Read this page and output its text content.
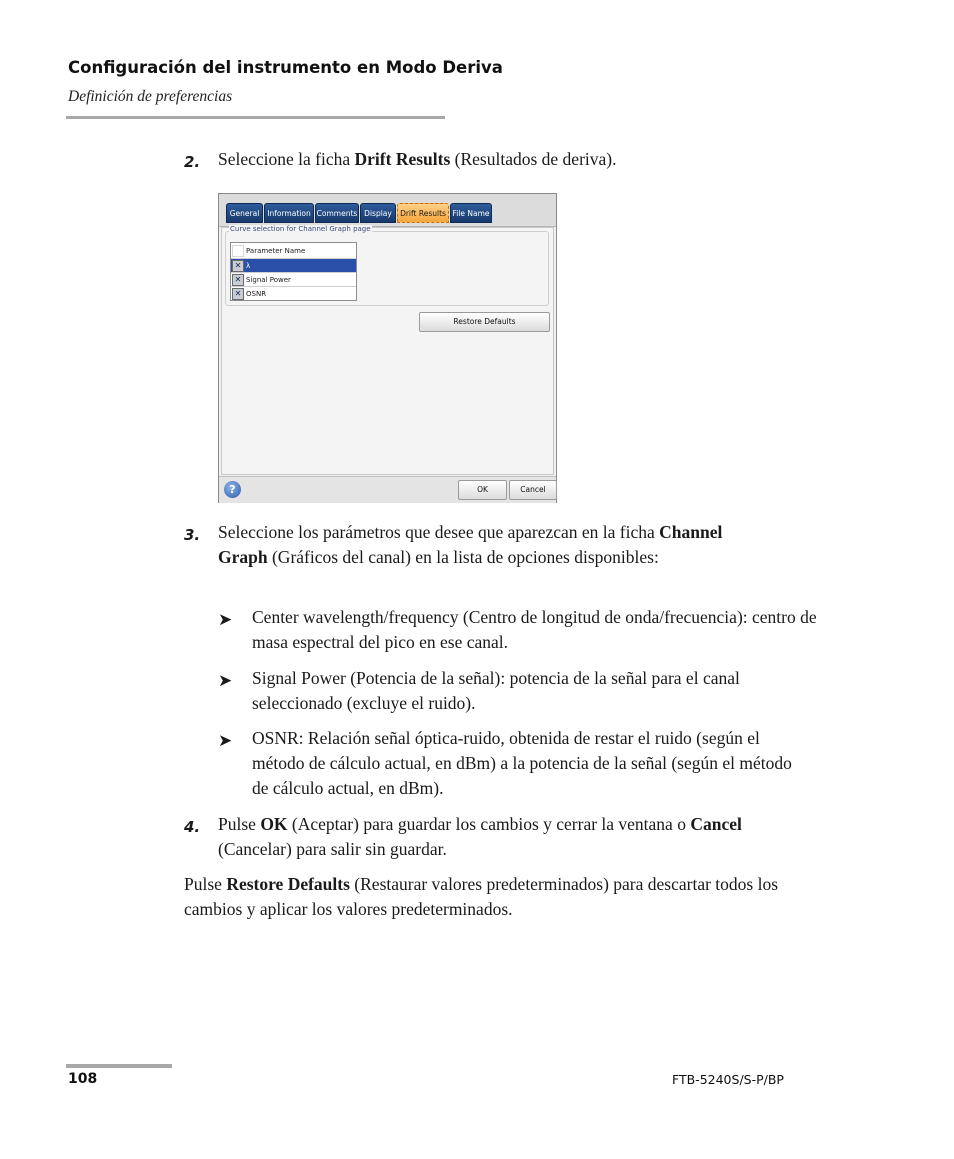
Configuración del instrumento en Modo Deriva
Definición de preferencias
2. Seleccione la ficha Drift Results (Resultados de deriva).
General	Information Comments Display	Drift Results File Name
Curve selection for Channel Graph page
Parameter Name
✕ λ
✕ Signal Power
✕ OSNR
Restore Defaults
?	OK	Cancel
3. Seleccione los parámetros que desee que aparezcan en la ficha Channel Graph (Gráficos del canal) en la lista de opciones disponibles:
➤ Center wavelength/frequency (Centro de longitud de onda/frecuencia): centro de masa espectral del pico en ese canal.
➤ Signal Power (Potencia de la señal): potencia de la señal para el canal seleccionado (excluye el ruido).
➤ OSNR: Relación señal óptica-ruido, obtenida de restar el ruido (según el método de cálculo actual, en dBm) a la potencia de la señal (según el método de cálculo actual, en dBm).
4. Pulse OK (Aceptar) para guardar los cambios y cerrar la ventana o Cancel (Cancelar) para salir sin guardar.
Pulse Restore Defaults (Restaurar valores predeterminados) para descartar todos los cambios y aplicar los valores predeterminados.
108	FTB-5240S/S-P/BP
